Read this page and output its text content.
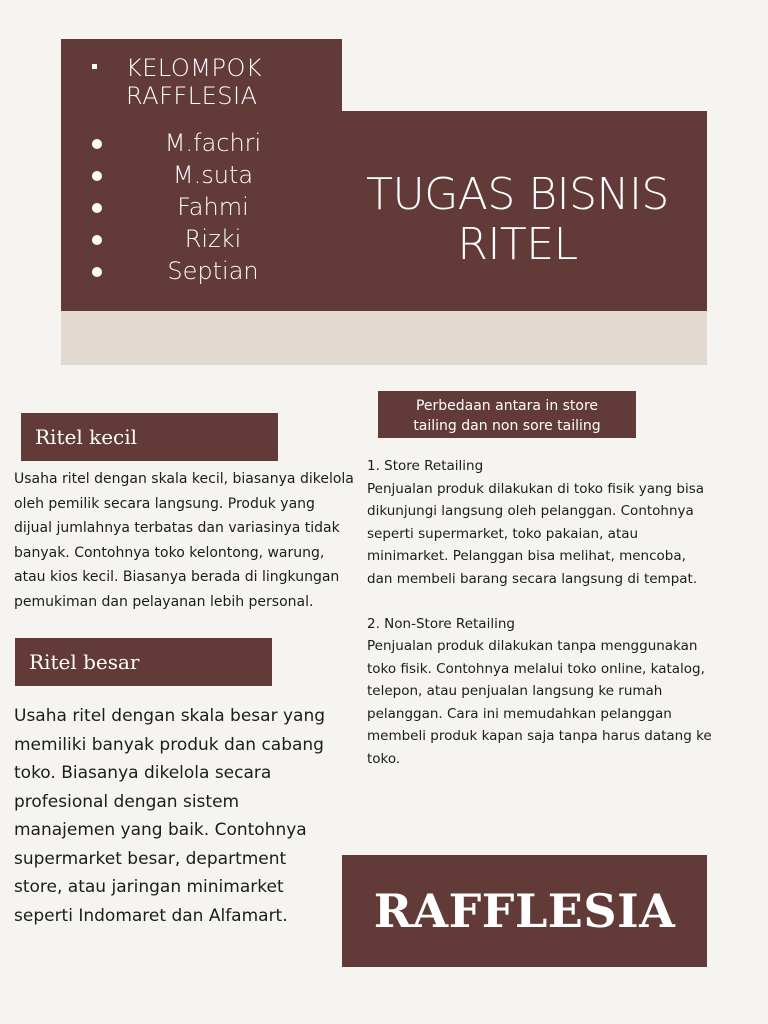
KELOMPOK
RAFFLESIA
M.fachri
M.suta
Fahmi
Rizki
Septian
TUGAS BISNIS
RITEL
Ritel kecil

Usaha ritel dengan skala kecil, biasanya dikelola oleh pemilik secara langsung. Produk yang dijual jumlahnya terbatas dan variasinya tidak banyak. Contohnya toko kelontong, warung, atau kios kecil. Biasanya berada di lingkungan pemukiman dan pelayanan lebih personal.

Ritel besar

Usaha ritel dengan skala besar yang memiliki banyak produk dan cabang toko. Biasanya dikelola secara profesional dengan sistem manajemen yang baik. Contohnya supermarket besar, department store, atau jaringan minimarket seperti Indomaret dan Alfamart.

Perbedaan antara in store
tailing dan non sore tailing

1. Store Retailing

Penjualan produk dilakukan di toko fisik yang bisa dikunjungi langsung oleh pelanggan. Contohnya seperti supermarket, toko pakaian, atau minimarket. Pelanggan bisa melihat, mencoba, dan membeli barang secara langsung di tempat.

2. Non-Store Retailing

Penjualan produk dilakukan tanpa menggunakan toko fisik. Contohnya melalui toko online, katalog, telepon, atau penjualan langsung ke rumah pelanggan. Cara ini memudahkan pelanggan membeli produk kapan saja tanpa harus datang ke toko.

RAFFLESIA
